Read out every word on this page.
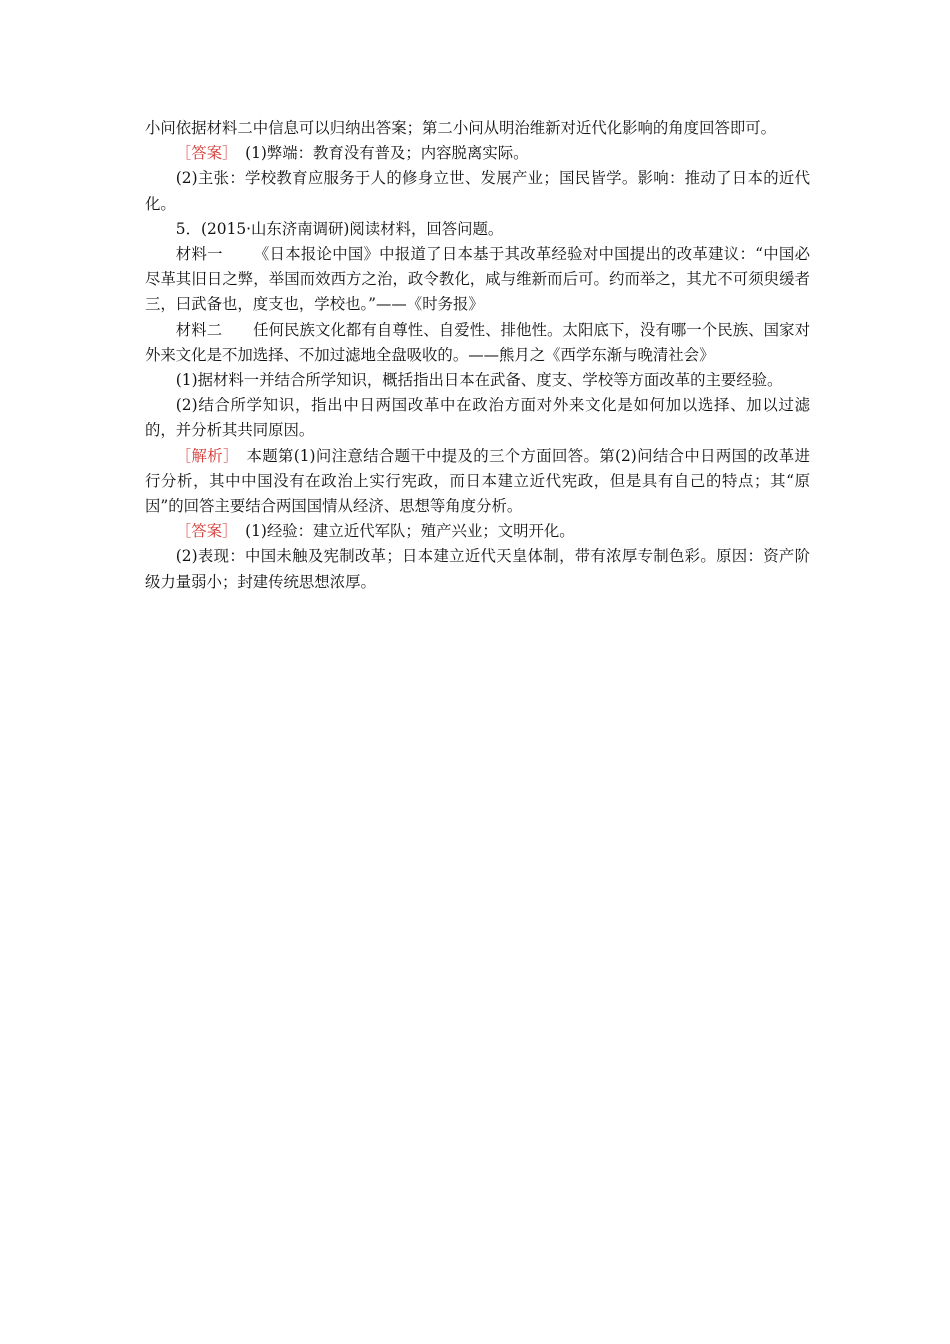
小问依据材料二中信息可以归纳出答案；第二小问从明治维新对近代化影响的角度回答即可。

［答案］ (1)弊端：教育没有普及；内容脱离实际。

(2)主张：学校教育应服务于人的修身立世、发展产业；国民皆学。影响：推动了日本的近代化。

5．(2015·山东济南调研)阅读材料，回答问题。

材料一 《日本报论中国》中报道了日本基于其改革经验对中国提出的改革建议：“中国必尽革其旧日之弊，举国而效西方之治，政令教化，咸与维新而后可。约而举之，其尤不可须臾缓者三，曰武备也，度支也，学校也。”——《时务报》

材料二 任何民族文化都有自尊性、自爱性、排他性。太阳底下，没有哪一个民族、国家对外来文化是不加选择、不加过滤地全盘吸收的。——熊月之《西学东渐与晚清社会》

(1)据材料一并结合所学知识，概括指出日本在武备、度支、学校等方面改革的主要经验。

(2)结合所学知识，指出中日两国改革中在政治方面对外来文化是如何加以选择、加以过滤的，并分析其共同原因。

［解析］ 本题第(1)问注意结合题干中提及的三个方面回答。第(2)问结合中日两国的改革进行分析，其中中国没有在政治上实行宪政，而日本建立近代宪政，但是具有自己的特点；其“原因”的回答主要结合两国国情从经济、思想等角度分析。

［答案］ (1)经验：建立近代军队；殖产兴业；文明开化。

(2)表现：中国未触及宪制改革；日本建立近代天皇体制，带有浓厚专制色彩。原因：资产阶级力量弱小；封建传统思想浓厚。
